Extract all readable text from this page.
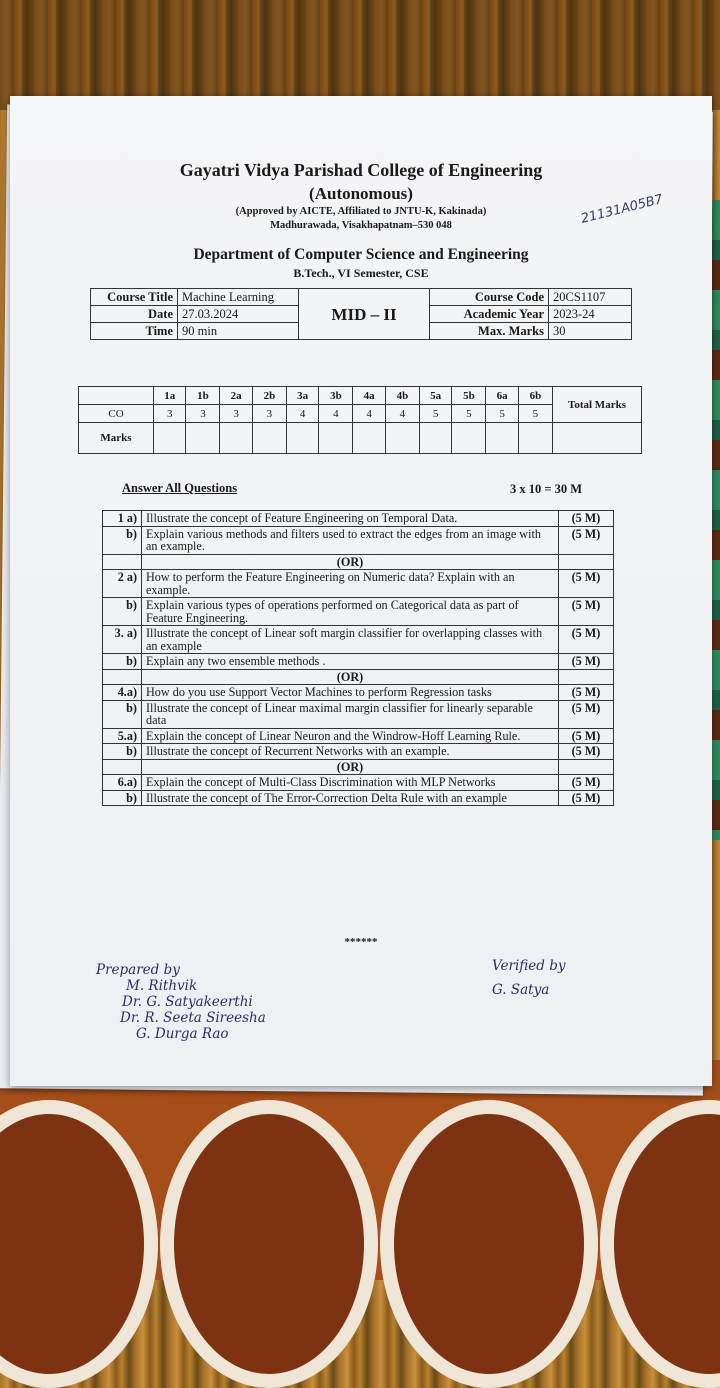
Gayatri Vidya Parishad College of Engineering
(Autonomous)
(Approved by AICTE, Affiliated to JNTU-K, Kakinada)
Madhurawada, Visakhapatnam–530 048	21131A05B7
Department of Computer Science and Engineering
B.Tech., VI Semester, CSE
Course Title	Machine Learning	MID – II	Course Code	20CS1107
Date	27.03.2024		Academic Year	2023-24
Time	90 min		Max. Marks	30
	1a	1b	2a	2b	3a	3b	4a	4b	5a	5b	6a	6b	Total Marks
CO	3	3	3	3	4	4	4	4	5	5	5	5	
Marks													
Answer All Questions	3 x 10 = 30 M
1 a)	Illustrate the concept of Feature Engineering on Temporal Data.	(5 M)
b)	Explain various methods and filters used to extract the edges from an image with an example.	(5 M)
	(OR)	
2 a)	How to perform the Feature Engineering on Numeric data? Explain with an example.	(5 M)
b)	Explain various types of operations performed on Categorical data as part of Feature Engineering.	(5 M)
3. a)	Illustrate the concept of Linear soft margin classifier for overlapping classes with an example	(5 M)
b)	Explain any two ensemble methods .	(5 M)
	(OR)	
4.a)	How do you use Support Vector Machines to perform Regression tasks	(5 M)
b)	Illustrate the concept of Linear maximal margin classifier for linearly separable data	(5 M)
5.a)	Explain the concept of Linear Neuron and the Windrow-Hoff Learning Rule.	(5 M)
b)	Illustrate the concept of Recurrent Networks with an example.	(5 M)
	(OR)	
6.a)	Explain the concept of Multi-Class Discrimination with MLP Networks	(5 M)
b)	Illustrate the concept of The Error-Correction Delta Rule with an example	(5 M)
******
Prepared by
M. Rithvik
Dr. G. Satyakeerthi
Dr. R. Seeta Sireesha
G. Durga Rao
Verified by
G. Satya
